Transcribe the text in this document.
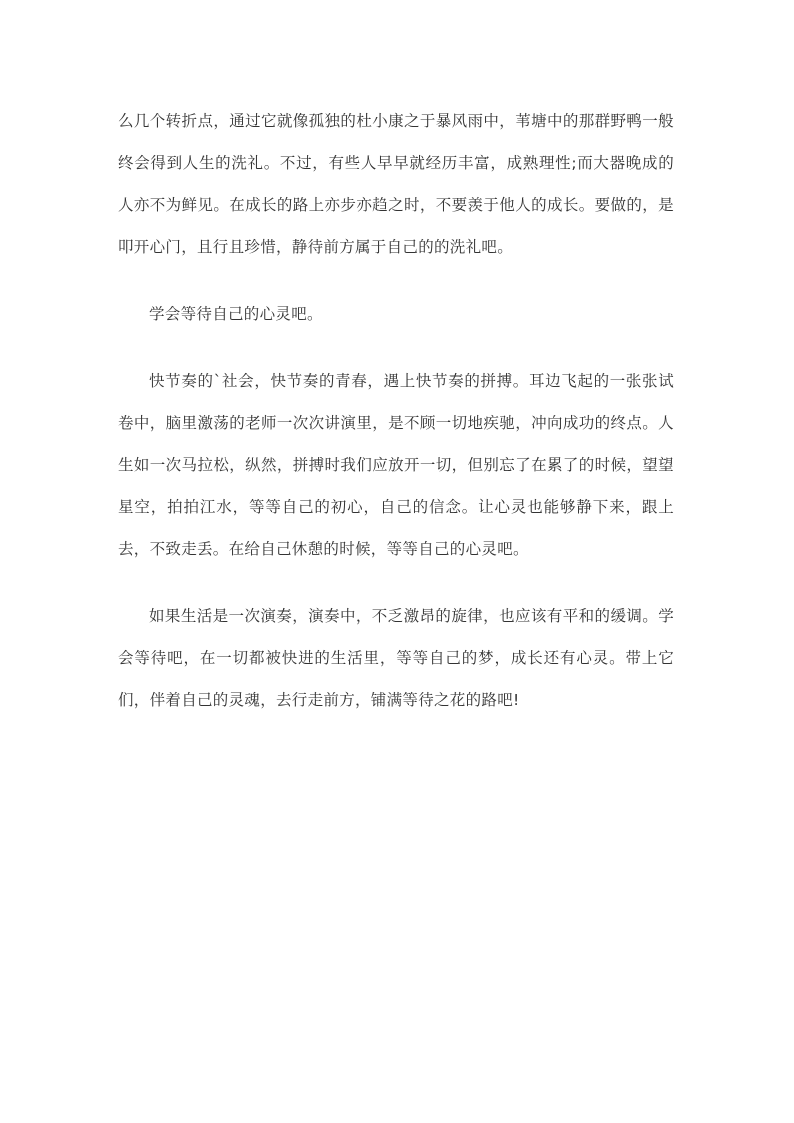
么几个转折点，通过它就像孤独的杜小康之于暴风雨中，苇塘中的那群野鸭一般终会得到人生的洗礼。不过，有些人早早就经历丰富，成熟理性;而大器晚成的人亦不为鲜见。在成长的路上亦步亦趋之时，不要羡于他人的成长。要做的，是叩开心门，且行且珍惜，静待前方属于自己的的洗礼吧。

学会等待自己的心灵吧。

快节奏的`社会，快节奏的青春，遇上快节奏的拼搏。耳边飞起的一张张试卷中，脑里激荡的老师一次次讲演里，是不顾一切地疾驰，冲向成功的终点。人生如一次马拉松，纵然，拼搏时我们应放开一切，但别忘了在累了的时候，望望星空，拍拍江水，等等自己的初心，自己的信念。让心灵也能够静下来，跟上去，不致走丢。在给自己休憩的时候，等等自己的心灵吧。

如果生活是一次演奏，演奏中，不乏激昂的旋律，也应该有平和的缓调。学会等待吧，在一切都被快进的生活里，等等自己的梦，成长还有心灵。带上它们，伴着自己的灵魂，去行走前方，铺满等待之花的路吧!
